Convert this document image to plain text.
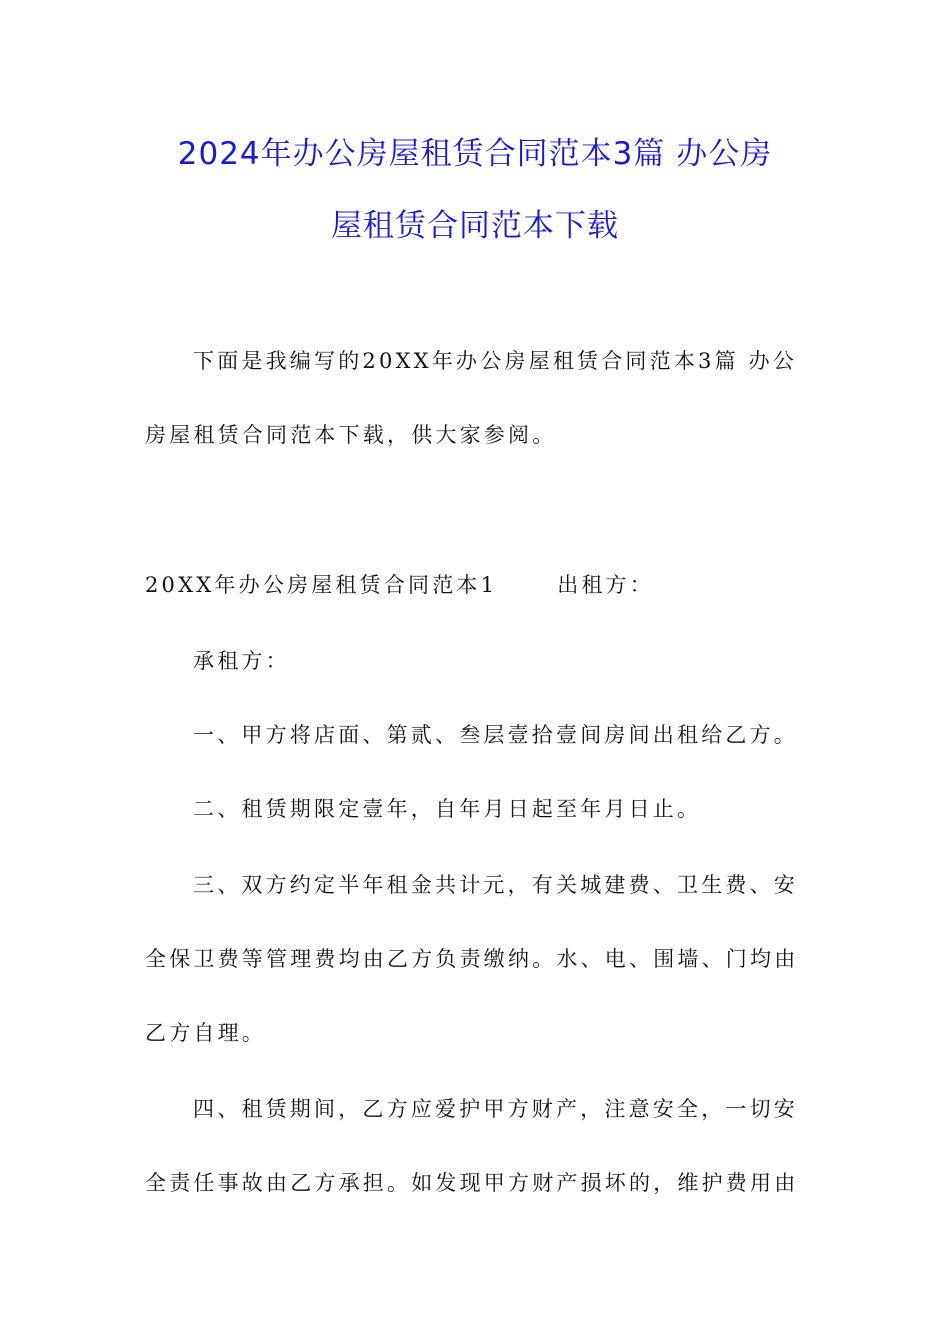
2024年办公房屋租赁合同范本3篇 办公房
屋租赁合同范本下载
下面是我编写的20XX年办公房屋租赁合同范本3篇 办公
房屋租赁合同范本下载，供大家参阅。
20XX年办公房屋租赁合同范本1	出租方：
承租方：
一、甲方将店面、第贰、叁层壹拾壹间房间出租给乙方。
二、租赁期限定壹年，自年月日起至年月日止。
三、双方约定半年租金共计元，有关城建费、卫生费、安
全保卫费等管理费均由乙方负责缴纳。水、电、围墙、门均由
乙方自理。
四、租赁期间，乙方应爱护甲方财产，注意安全，一切安
全责任事故由乙方承担。如发现甲方财产损坏的，维护费用由
